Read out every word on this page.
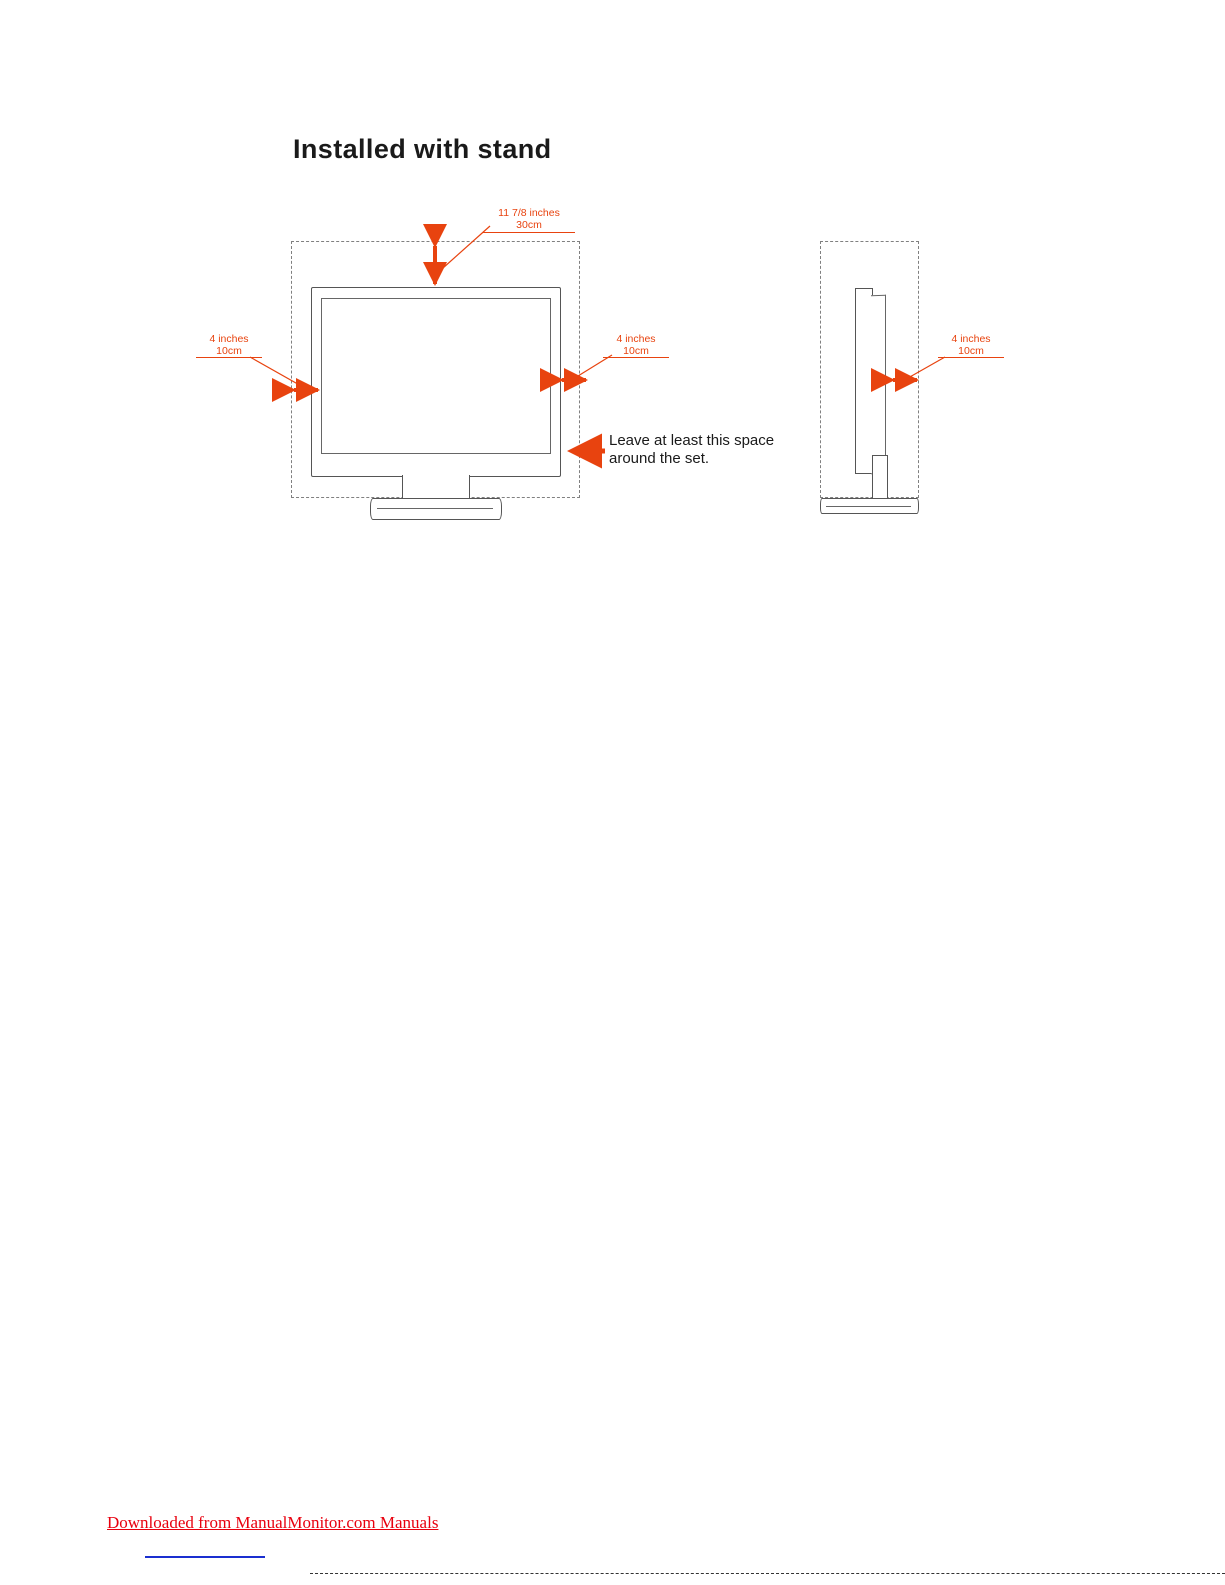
Installed with stand
11 7/8 inches
30cm
4 inches
10cm
4 inches
10cm
4 inches
10cm
Leave at least this space
around the set.
Downloaded from ManualMonitor.com Manuals
